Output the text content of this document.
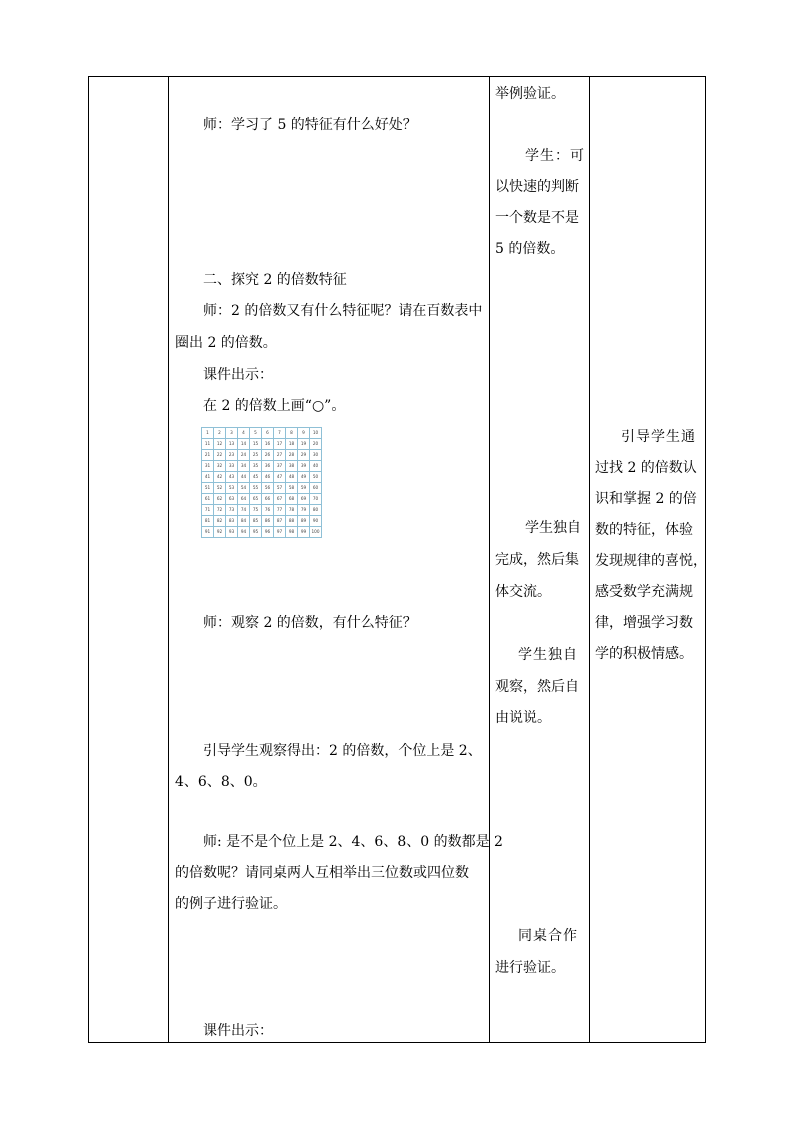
师：学习了 5 的特征有什么好处？
二、探究 2 的倍数特征
师：2 的倍数又有什么特征呢？请在百数表中
圈出 2 的倍数。
课件出示：
在 2 的倍数上画“○”。
1	2	3	4	5	6	7	8	9	10
11	12	13	14	15	16	17	18	19	20
21	22	23	24	25	26	27	28	29	30
31	32	33	34	35	36	37	38	39	40
41	42	43	44	45	46	47	48	49	50
51	52	53	54	55	56	57	58	59	60
61	62	63	64	65	66	67	68	69	70
71	72	73	74	75	76	77	78	79	80
81	82	83	84	85	86	87	88	89	90
91	92	93	94	95	96	97	98	99	100
师：观察 2 的倍数，有什么特征？
引导学生观察得出：2 的倍数，个位上是 2、
4、6、8、0。
师: 是不是个位上是 2、4、6、8、0 的数都是 2
的倍数呢？请同桌两人互相举出三位数或四位数
的例子进行验证。
课件出示：
举例验证。
学生：可
以快速的判断
一个数是不是
5 的倍数。
学生独自
完成，然后集
体交流。
学生独自
观察，然后自
由说说。
同桌合作
进行验证。
引导学生通
过找 2 的倍数认
识和掌握 2 的倍
数的特征，体验
发现规律的喜悦，
感受数学充满规
律，增强学习数
学的积极情感。
